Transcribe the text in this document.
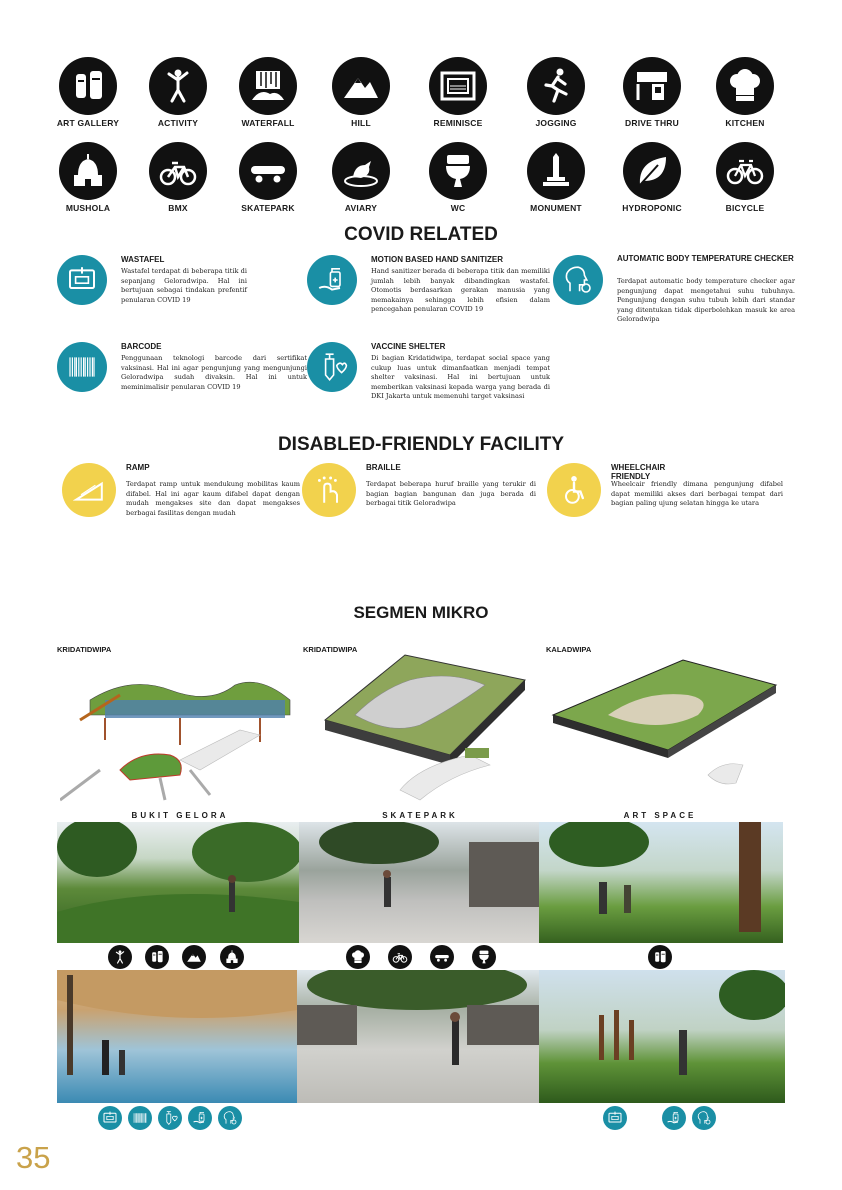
ART GALLERY	ACTIVITY	WATERFALL	HILL	REMINISCE	JOGGING	DRIVE THRU	KITCHEN
MUSHOLA	BMX	SKATEPARK	AVIARY	WC	MONUMENT	HYDROPONIC	BICYCLE
COVID RELATED
WASTAFEL
Wastafel terdapat di beberapa titik di sepanjang Geloradwipa. Hal ini bertujuan sebagai tindakan prefentif penularan COVID 19
MOTION BASED HAND SANITIZER
Hand sanitizer berada di beberapa titik dan memiliki jumlah lebih banyak dibandingkan wastafel. Otomotis berdasarkan gerakan manusia yang memakainya sehingga lebih efisien dalam pencegahan penularan COVID 19
AUTOMATIC BODY TEMPERATURE CHECKER
Terdapat automatic body temperature checker agar pengunjung dapat mengetahui suhu tubuhnya. Pengunjung dengan suhu tubuh lebih dari standar yang ditentukan tidak diperbolehkan masuk ke area Geloradwipa
BARCODE
Penggunaan teknologi barcode dari sertifikat vaksinasi. Hal ini agar pengunjung yang mengunjungi Geloradwipa sudah divaksin. Hal ini untuk meminimalisir penularan COVID 19
VACCINE SHELTER
Di bagian Kridatidwipa, terdapat social space yang cukup luas untuk dimanfaatkan menjadi tempat shelter vaksinasi. Hal ini bertujuan untuk memberikan vaksinasi kepada warga yang berada di DKI Jakarta untuk memenuhi target vaksinasi
DISABLED-FRIENDLY FACILITY
RAMP
Terdapat ramp untuk mendukung mobilitas kaum difabel. Hal ini agar kaum difabel dapat dengan mudah mengakses site dan dapat mengakses berbagai fasilitas dengan mudah
BRAILLE
Terdapat beberapa huruf braille yang terukir di bagian bagian bangunan dan juga berada di berbagai titik Geloradwipa
WHEELCHAIR FRIENDLY
Wheelcair friendly dimana pengunjung difabel dapat memiliki akses dari berbagai tempat dari bagian paling ujung selatan hingga ke utara
SEGMEN MIKRO
KRIDATIDWIPA	KRIDATIDWIPA	KALADWIPA
BUKIT GELORA	SKATEPARK	ART SPACE
35
